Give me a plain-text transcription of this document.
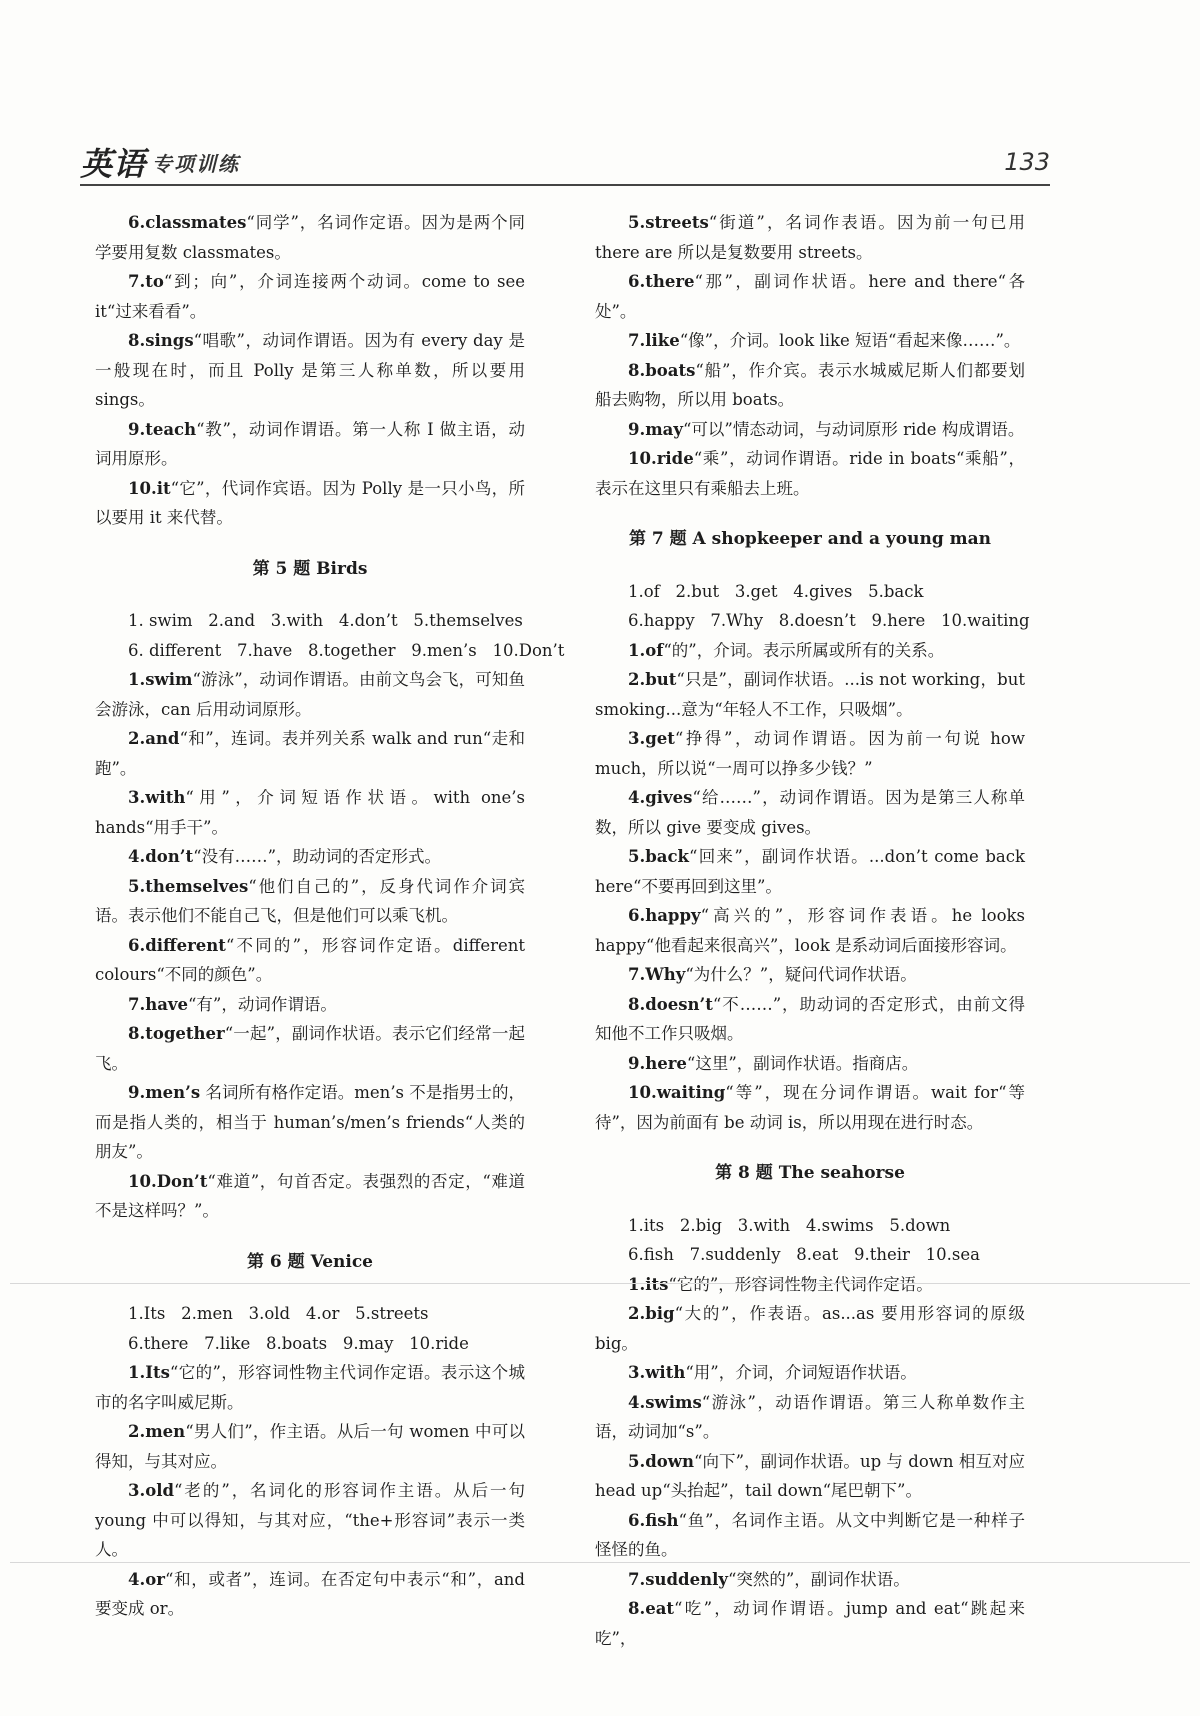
英语 专项训练	133

6.classmates“同学”，名词作定语。因为是两个同学要用复数 classmates。

7.to“到；向”，介词连接两个动词。come to see it“过来看看”。

8.sings“唱歌”，动词作谓语。因为有 every day 是一般现在时，而且 Polly 是第三人称单数，所以要用 sings。

9.teach“教”，动词作谓语。第一人称 I 做主语，动词用原形。

10.it“它”，代词作宾语。因为 Polly 是一只小鸟，所以要用 it 来代替。

第 5 题 Birds

1. swim   2.and   3.with   4.don’t   5.themselves

6. different   7.have   8.together   9.men’s   10.Don’t

1.swim“游泳”，动词作谓语。由前文鸟会飞，可知鱼会游泳，can 后用动词原形。

2.and“和”，连词。表并列关系 walk and run“走和跑”。

3.with“用”，介词短语作状语。with one’s hands“用手干”。

4.don’t“没有……”，助动词的否定形式。

5.themselves“他们自己的”，反身代词作介词宾语。表示他们不能自己飞，但是他们可以乘飞机。

6.different“不同的”，形容词作定语。different colours“不同的颜色”。

7.have“有”，动词作谓语。

8.together“一起”，副词作状语。表示它们经常一起飞。

9.men’s 名词所有格作定语。men’s 不是指男士的，而是指人类的，相当于 human’s/men’s friends“人类的朋友”。

10.Don’t“难道”，句首否定。表强烈的否定，“难道不是这样吗？”。

第 6 题 Venice

1.Its   2.men   3.old   4.or   5.streets

6.there   7.like   8.boats   9.may   10.ride

1.Its“它的”，形容词性物主代词作定语。表示这个城市的名字叫威尼斯。

2.men“男人们”，作主语。从后一句 women 中可以得知，与其对应。

3.old“老的”，名词化的形容词作主语。从后一句 young 中可以得知，与其对应，“the+形容词”表示一类人。

4.or“和，或者”，连词。在否定句中表示“和”，and 要变成 or。

5.streets“街道”，名词作表语。因为前一句已用 there are 所以是复数要用 streets。

6.there“那”，副词作状语。here and there“各处”。

7.like“像”，介词。look like 短语“看起来像……”。

8.boats“船”，作介宾。表示水城威尼斯人们都要划船去购物，所以用 boats。

9.may“可以”情态动词，与动词原形 ride 构成谓语。

10.ride“乘”，动词作谓语。ride in boats“乘船”，表示在这里只有乘船去上班。

第 7 题 A shopkeeper and a young man

1.of   2.but   3.get   4.gives   5.back

6.happy   7.Why   8.doesn’t   9.here   10.waiting

1.of“的”，介词。表示所属或所有的关系。

2.but“只是”，副词作状语。...is not working，but smoking...意为“年轻人不工作，只吸烟”。

3.get“挣得”，动词作谓语。因为前一句说 how much，所以说“一周可以挣多少钱？”

4.gives“给……”，动词作谓语。因为是第三人称单数，所以 give 要变成 gives。

5.back“回来”，副词作状语。...don’t come back here“不要再回到这里”。

6.happy“高兴的”，形容词作表语。he looks happy“他看起来很高兴”，look 是系动词后面接形容词。

7.Why“为什么？”，疑问代词作状语。

8.doesn’t“不……”，助动词的否定形式，由前文得知他不工作只吸烟。

9.here“这里”，副词作状语。指商店。

10.waiting“等”，现在分词作谓语。wait for“等待”，因为前面有 be 动词 is，所以用现在进行时态。

第 8 题 The seahorse

1.its   2.big   3.with   4.swims   5.down

6.fish   7.suddenly   8.eat   9.their   10.sea

1.its“它的”，形容词性物主代词作定语。

2.big“大的”，作表语。as...as 要用形容词的原级 big。

3.with“用”，介词，介词短语作状语。

4.swims“游泳”，动语作谓语。第三人称单数作主语，动词加“s”。

5.down“向下”，副词作状语。up 与 down 相互对应 head up“头抬起”，tail down“尾巴朝下”。

6.fish“鱼”，名词作主语。从文中判断它是一种样子怪怪的鱼。

7.suddenly“突然的”，副词作状语。

8.eat“吃”，动词作谓语。jump and eat“跳起来吃”，
